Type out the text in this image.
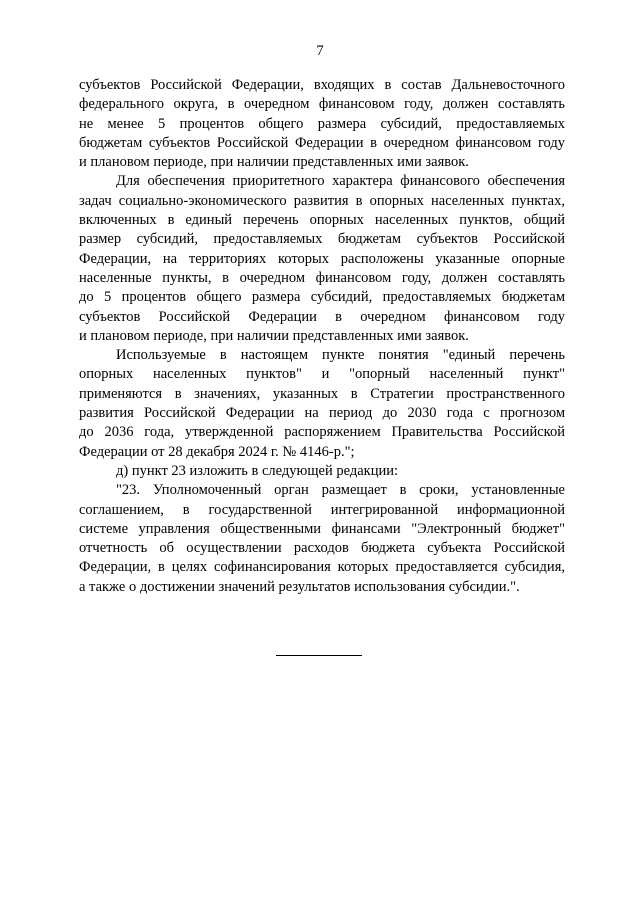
7

субъектов Российской Федерации, входящих в состав Дальневосточного
федерального округа, в очередном финансовом году, должен составлять
не менее 5 процентов общего размера субсидий, предоставляемых
бюджетам субъектов Российской Федерации в очередном финансовом году
и плановом периоде, при наличии представленных ими заявок.

Для обеспечения приоритетного характера финансового обеспечения
задач социально-экономического развития в опорных населенных пунктах,
включенных в единый перечень опорных населенных пунктов, общий
размер субсидий, предоставляемых бюджетам субъектов Российской
Федерации, на территориях которых расположены указанные опорные
населенные пункты, в очередном финансовом году, должен составлять
до 5 процентов общего размера субсидий, предоставляемых бюджетам
субъектов Российской Федерации в очередном финансовом году
и плановом периоде, при наличии представленных ими заявок.

Используемые в настоящем пункте понятия "единый перечень
опорных населенных пунктов" и "опорный населенный пункт"
применяются в значениях, указанных в Стратегии пространственного
развития Российской Федерации на период до 2030 года с прогнозом
до 2036 года, утвержденной распоряжением Правительства Российской
Федерации от 28 декабря 2024 г. № 4146-р.";

д) пункт 23 изложить в следующей редакции:

"23. Уполномоченный орган размещает в сроки, установленные
соглашением, в государственной интегрированной информационной
системе управления общественными финансами "Электронный бюджет"
отчетность об осуществлении расходов бюджета субъекта Российской
Федерации, в целях софинансирования которых предоставляется субсидия,
а также о достижении значений результатов использования субсидии.".
